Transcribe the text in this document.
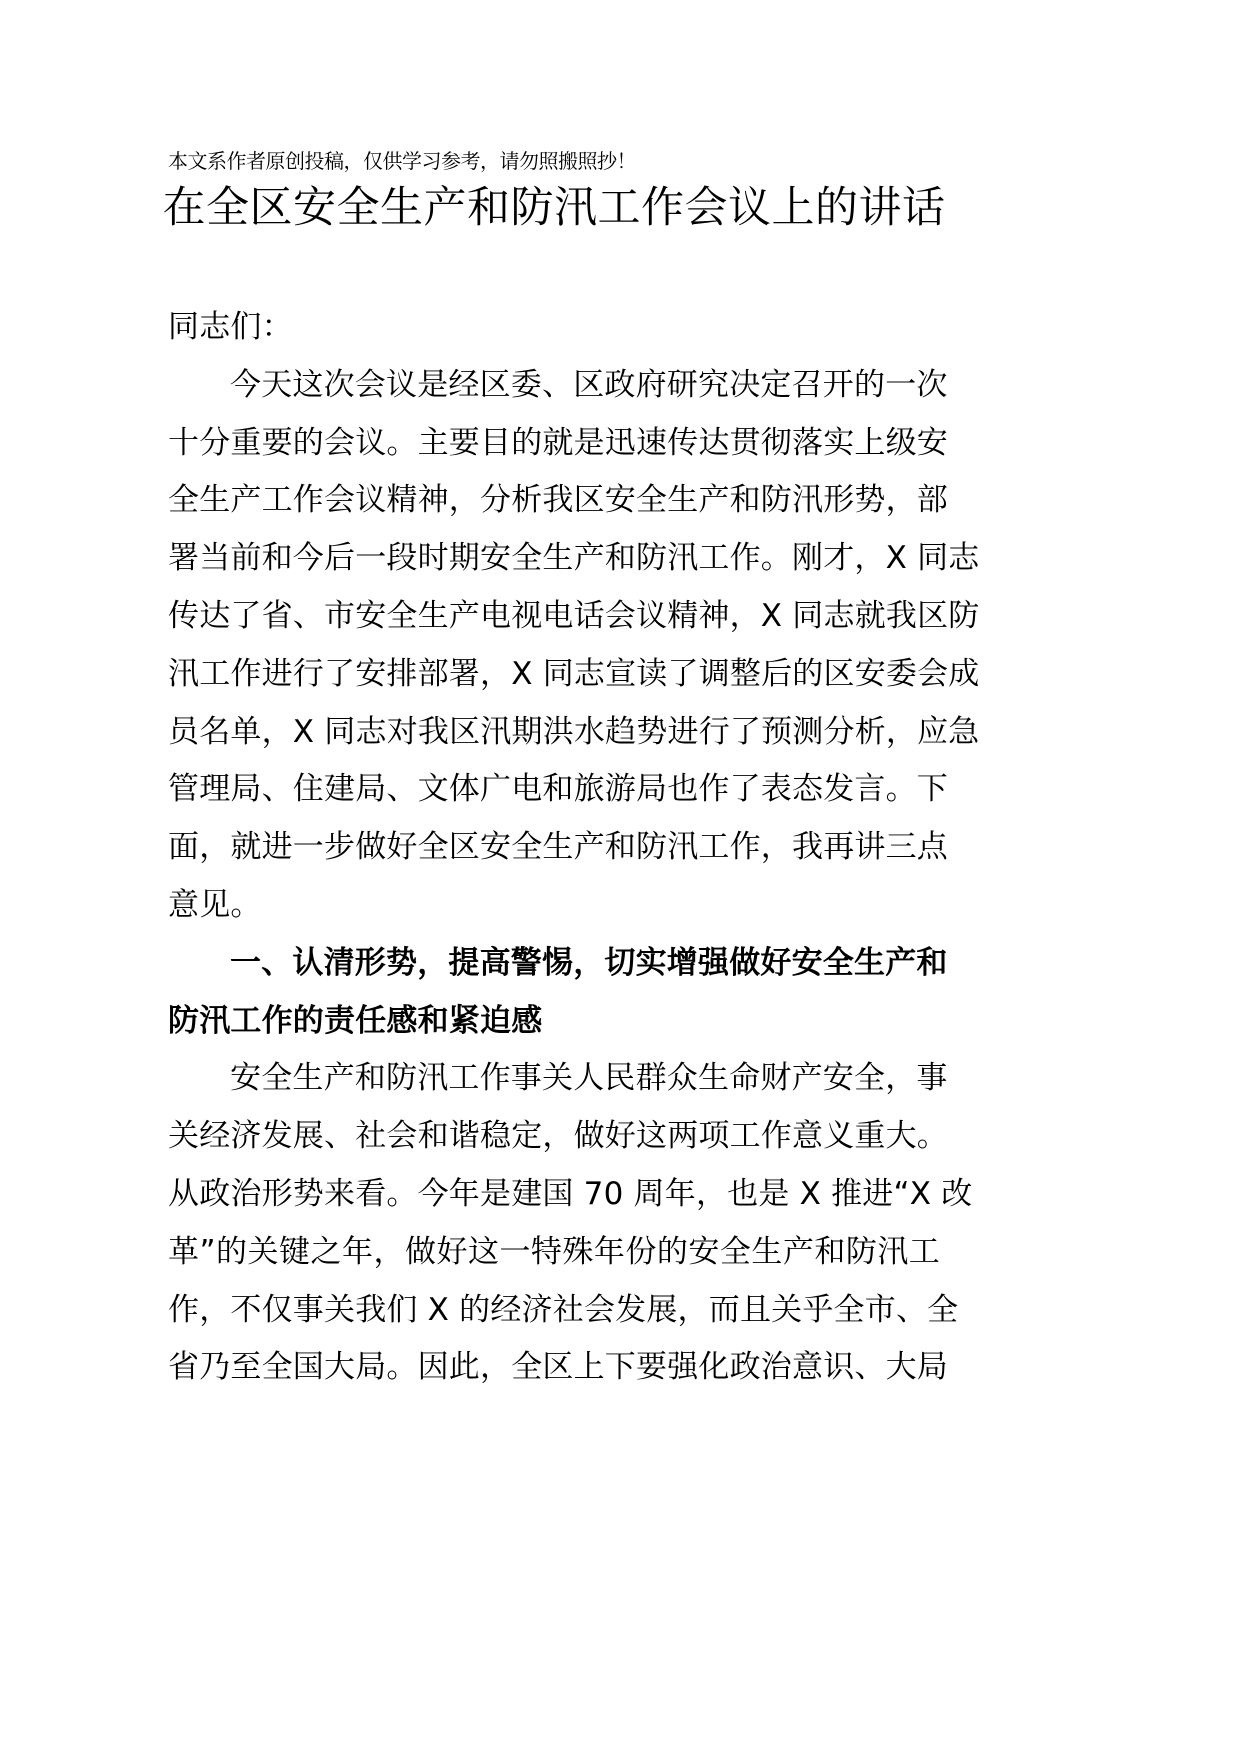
本文系作者原创投稿，仅供学习参考，请勿照搬照抄！
在全区安全生产和防汛工作会议上的讲话
同志们：
今天这次会议是经区委、区政府研究决定召开的一次
十分重要的会议。主要目的就是迅速传达贯彻落实上级安
全生产工作会议精神，分析我区安全生产和防汛形势，部
署当前和今后一段时期安全生产和防汛工作。刚才，X 同志
传达了省、市安全生产电视电话会议精神，X 同志就我区防
汛工作进行了安排部署，X 同志宣读了调整后的区安委会成
员名单，X 同志对我区汛期洪水趋势进行了预测分析，应急
管理局、住建局、文体广电和旅游局也作了表态发言。下
面，就进一步做好全区安全生产和防汛工作，我再讲三点
意见。
一、认清形势，提高警惕，切实增强做好安全生产和
防汛工作的责任感和紧迫感
安全生产和防汛工作事关人民群众生命财产安全，事
关经济发展、社会和谐稳定，做好这两项工作意义重大。
从政治形势来看。今年是建国 70 周年，也是 X 推进“X 改
革”的关键之年，做好这一特殊年份的安全生产和防汛工
作，不仅事关我们 X 的经济社会发展，而且关乎全市、全
省乃至全国大局。因此，全区上下要强化政治意识、大局
